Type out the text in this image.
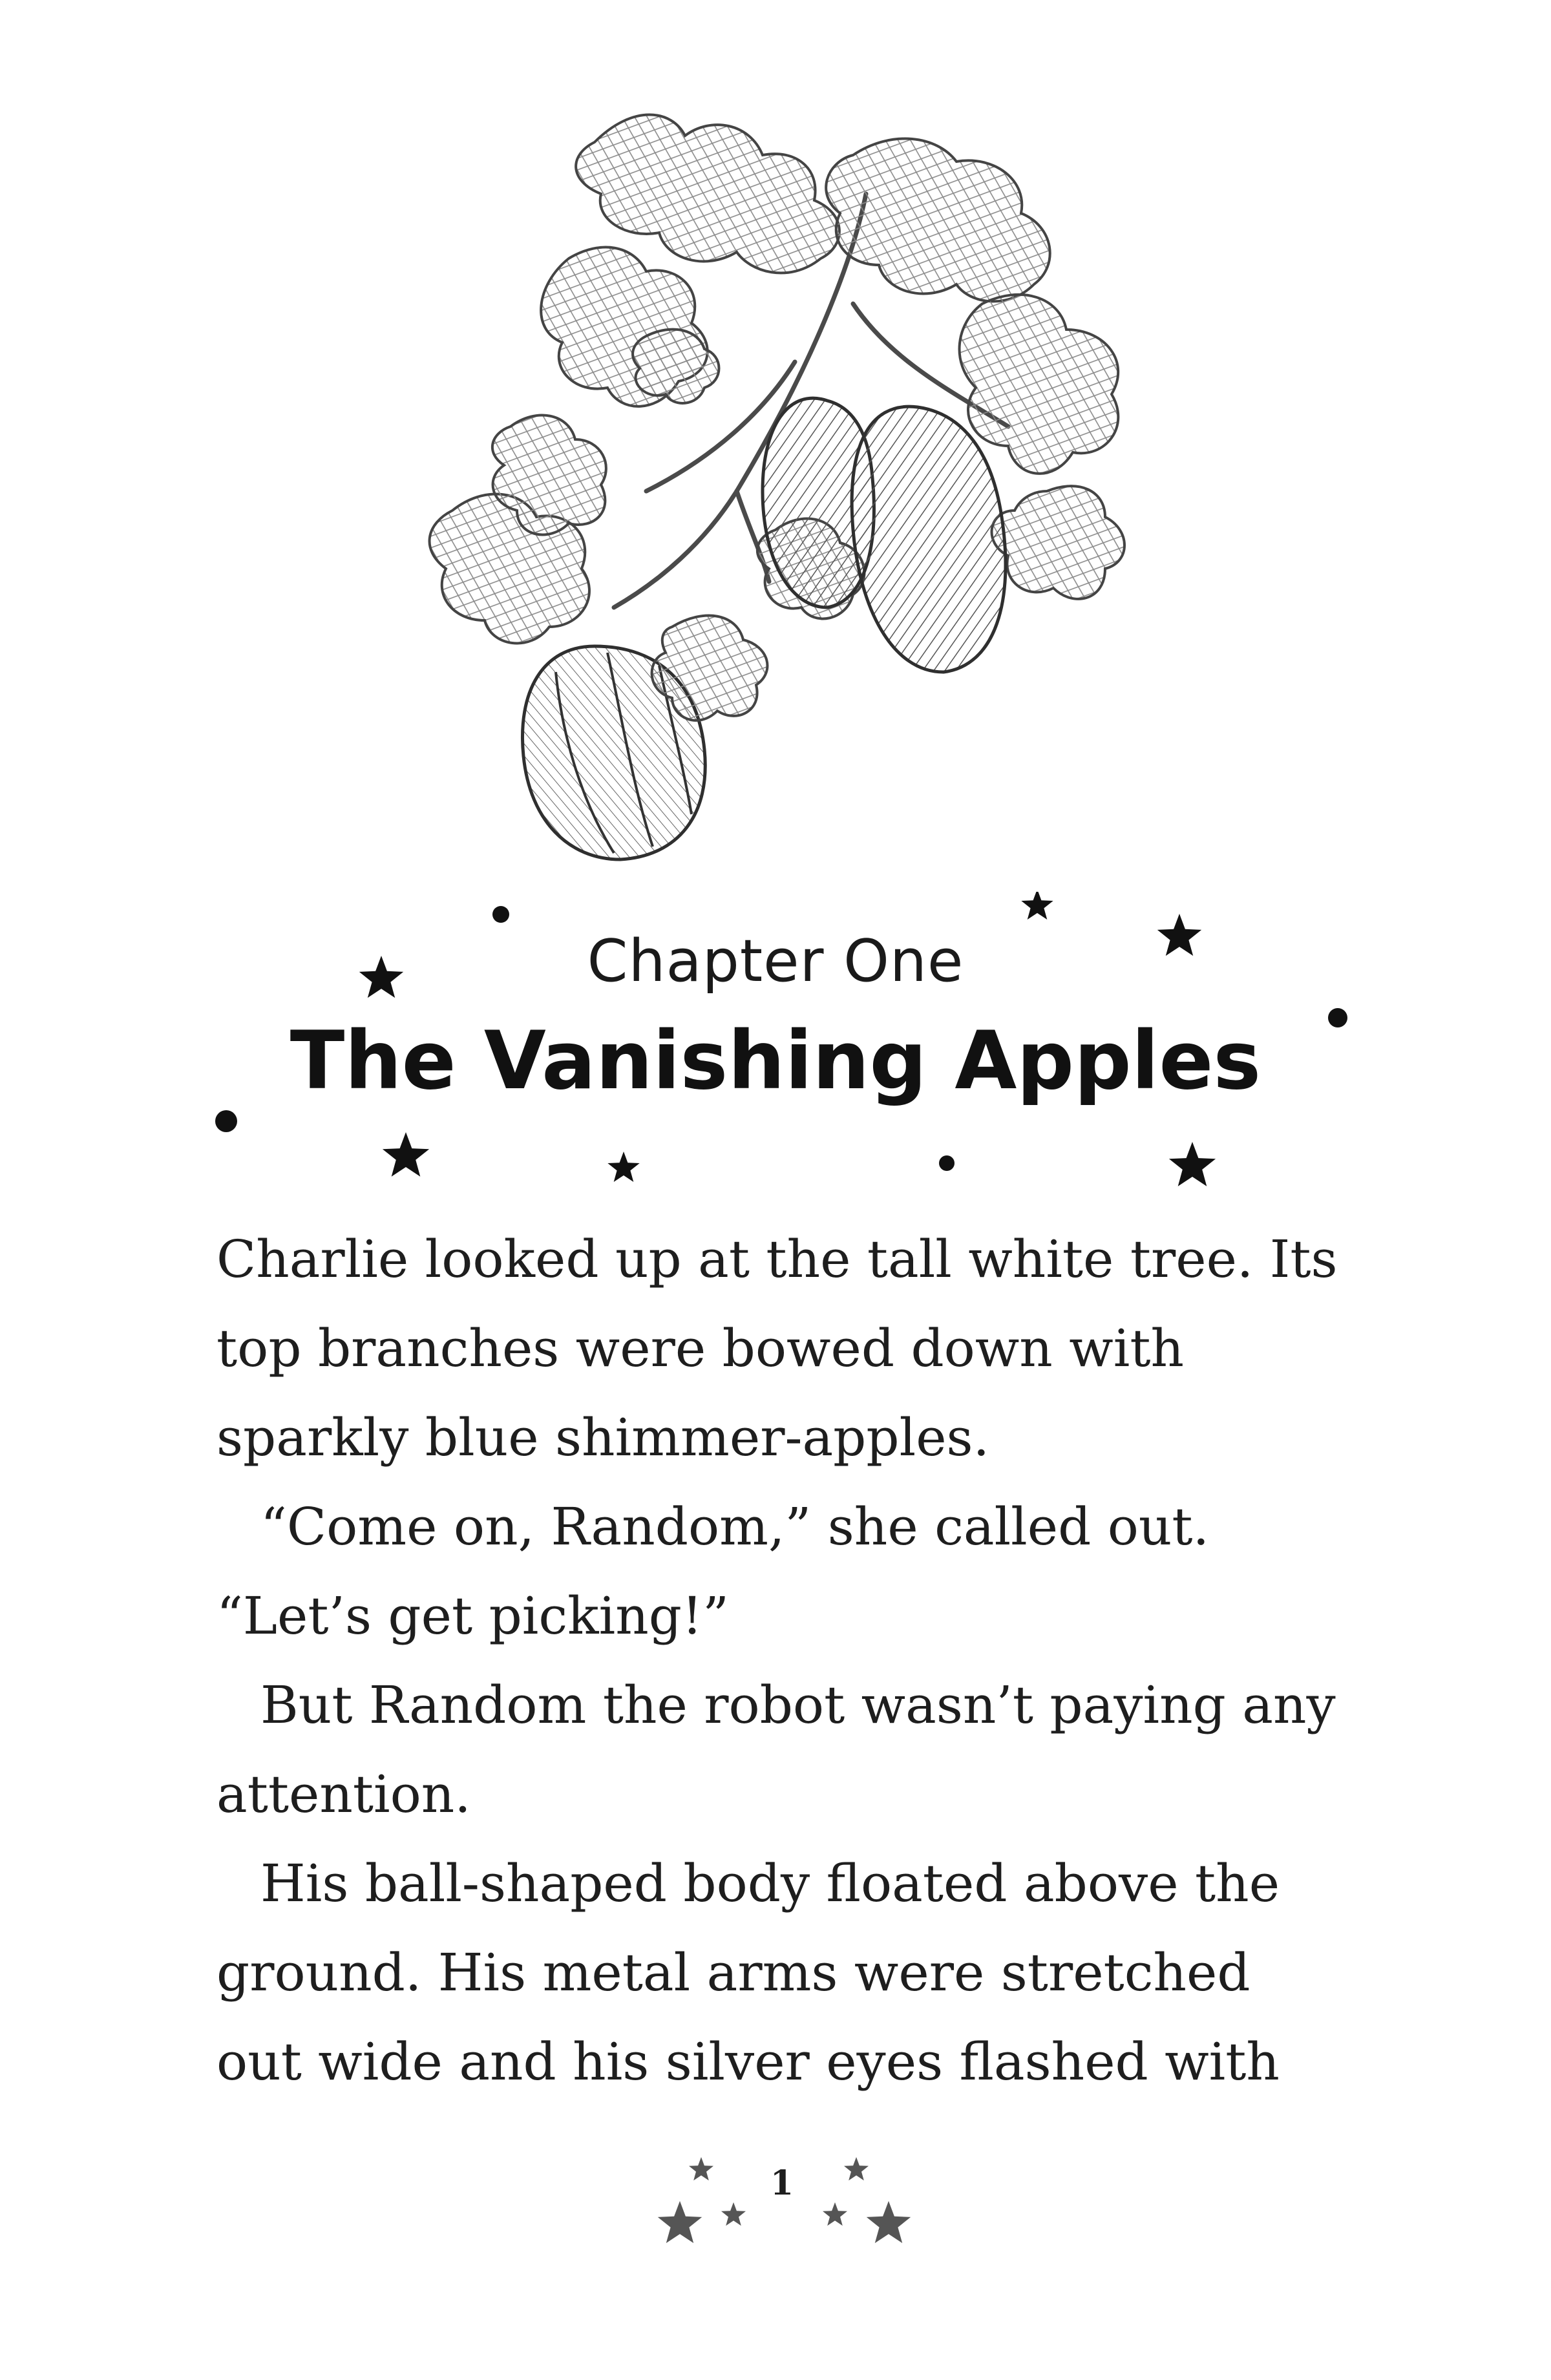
Chapter One
The Vanishing Apples

Charlie looked up at the tall white tree. Its top branches were bowed down with sparkly blue shimmer-apples.

“Come on, Random,” she called out. “Let’s get picking!”

But Random the robot wasn’t paying any attention.

His ball-shaped body floated above the ground. His metal arms were stretched out wide and his silver eyes flashed with

1
